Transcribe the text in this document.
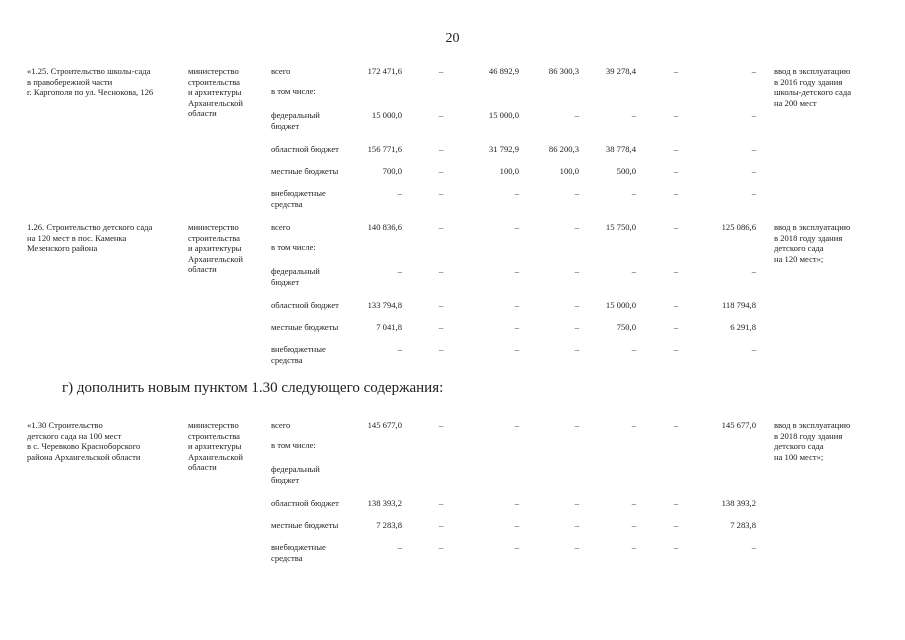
20
г) дополнить новым пунктом 1.30 следующего содержания:
«1.25. Строительство школы-сада
в правобережной части
г. Каргополя по ул. Чеснокова, 126
министерство
строительства
и архитектуры
Архангельской
области
ввод в эксплуатацию
в 2016 году здания
школы-детского сада
на 200 мест
всего	172 471,6	–	46 892,9	86 300,3	39 278,4	–	–
в том числе:
федеральный
бюджет
15 000,0	–	15 000,0	–	–	–	–
областной бюджет	156 771,6	–	31 792,9	86 200,3	38 778,4	–	–
местные бюджеты	700,0	–	100,0	100,0	500,0	–	–
внебюджетные
средства
–	–	–	–	–	–	–
1.26. Строительство детского сада
на 120 мест в пос. Каменка
Мезенского района
министерство
строительства
и архитектуры
Архангельской
области
ввод в эксплуатацию
в 2018 году здания
детского сада
на 120 мест»;
всего	140 836,6	–	–	–	15 750,0	–	125 086,6
в том числе:
федеральный
бюджет
–	–	–	–	–	–	–
областной бюджет	133 794,8	–	–	–	15 000,0	–	118 794,8
местные бюджеты	7 041,8	–	–	–	750,0	–	6 291,8
внебюджетные
средства
–	–	–	–	–	–	–
«1.30 Строительство
детского сада на 100 мест
в с. Черевково Красноборского
района Архангельской области
министерство
строительства
и архитектуры
Архангельской
области
ввод в эксплуатацию
в 2018 году здания
детского сада
на 100 мест»;
всего	145 677,0	–	–	–	–	–	145 677,0
в том числе:
федеральный
бюджет
областной бюджет	138 393,2	–	–	–	–	–	138 393,2
местные бюджеты	7 283,8	–	–	–	–	–	7 283,8
внебюджетные
средства
–	–	–	–	–	–	–
